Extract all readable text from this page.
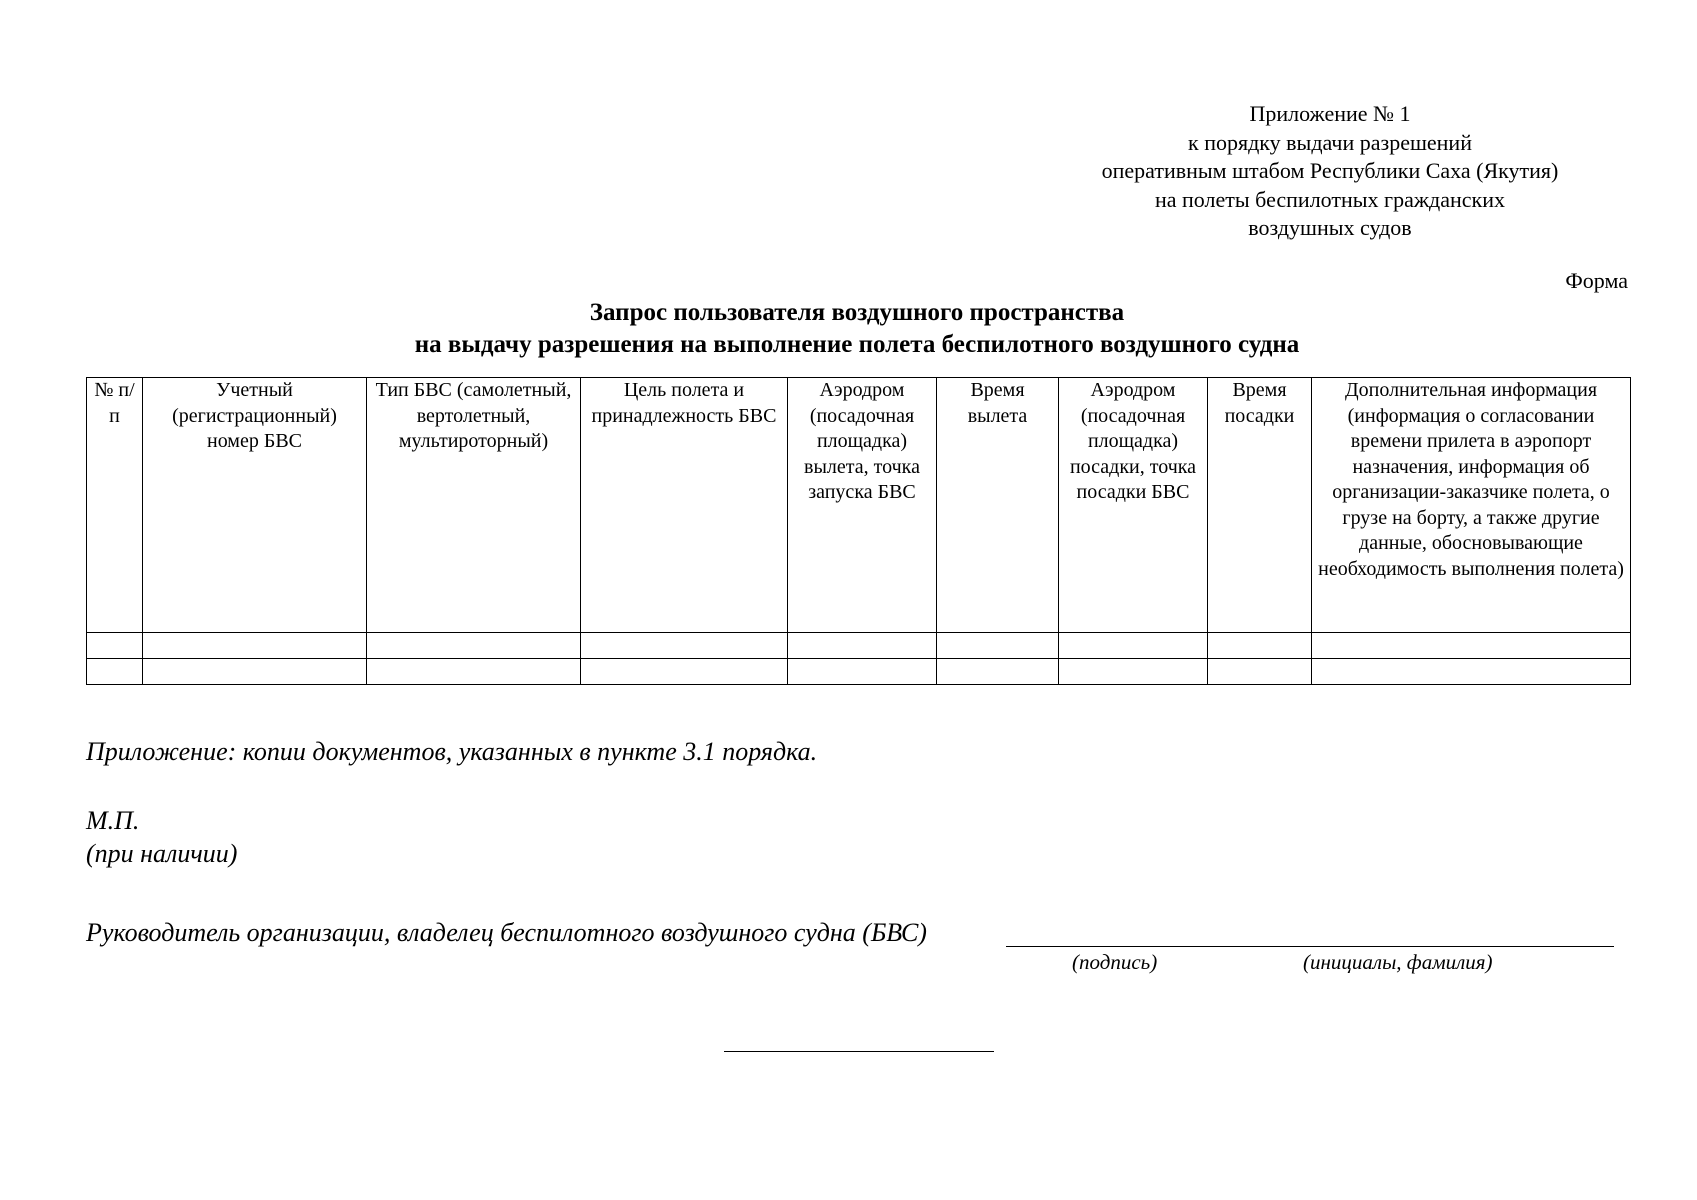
Приложение № 1
к порядку выдачи разрешений
оперативным штабом Республики Саха (Якутия)
на полеты беспилотных гражданских
воздушных судов
Форма
Запрос пользователя воздушного пространства
на выдачу разрешения на выполнение полета беспилотного воздушного судна
№ п/п	Учетный (регистрационный) номер БВС	Тип БВС (самолетный, вертолетный, мультироторный)	Цель полета и принадлежность БВС	Аэродром (посадочная площадка) вылета, точка запуска БВС	Время вылета	Аэродром (посадочная площадка) посадки, точка посадки БВС	Время посадки	Дополнительная информация (информация о согласовании времени прилета в аэропорт назначения, информация об организации-заказчике полета, о грузе на борту, а также другие данные, обосновывающие необходимость выполнения полета)

Приложение: копии документов, указанных в пункте 3.1 порядка.
М.П.
(при наличии)
Руководитель организации, владелец беспилотного воздушного судна (БВС)
(подпись)	(инициалы, фамилия)
